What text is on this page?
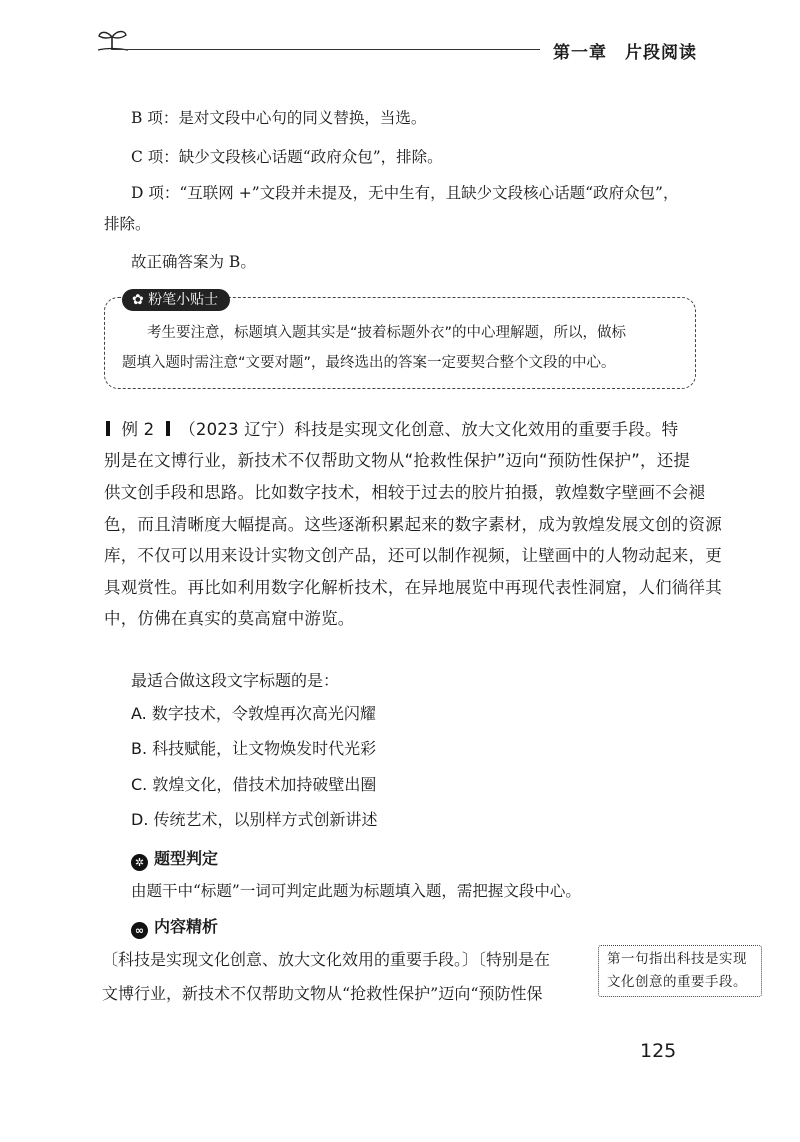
第一章　片段阅读
B 项：是对文段中心句的同义替换，当选。
C 项：缺少文段核心话题“政府众包”，排除。
D 项：“互联网 +”文段并未提及，无中生有，且缺少文段核心话题“政府众包”，
排除。
故正确答案为 B。
✿ 粉笔小贴士
考生要注意，标题填入题其实是“披着标题外衣”的中心理解题，所以，做标
题填入题时需注意“文要对题”，最终选出的答案一定要契合整个文段的中心。
例 2 （2023 辽宁）科技是实现文化创意、放大文化效用的重要手段。特
别是在文博行业，新技术不仅帮助文物从“抢救性保护”迈向“预防性保护”，还提
供文创手段和思路。比如数字技术，相较于过去的胶片拍摄，敦煌数字壁画不会褪
色，而且清晰度大幅提高。这些逐渐积累起来的数字素材，成为敦煌发展文创的资源
库，不仅可以用来设计实物文创产品，还可以制作视频，让壁画中的人物动起来，更
具观赏性。再比如利用数字化解析技术，在异地展览中再现代表性洞窟，人们徜徉其
中，仿佛在真实的莫高窟中游览。
最适合做这段文字标题的是：
A. 数字技术，令敦煌再次高光闪耀
B. 科技赋能，让文物焕发时代光彩
C. 敦煌文化，借技术加持破壁出圈
D. 传统艺术，以别样方式创新讲述
✲ 题型判定
由题干中“标题”一词可判定此题为标题填入题，需把握文段中心。
∞ 内容精析
〔科技是实现文化创意、放大文化效用的重要手段。〕〔特别是在
文博行业，新技术不仅帮助文物从“抢救性保护”迈向“预防性保
第一句指出科技是实现
文化创意的重要手段。
125
